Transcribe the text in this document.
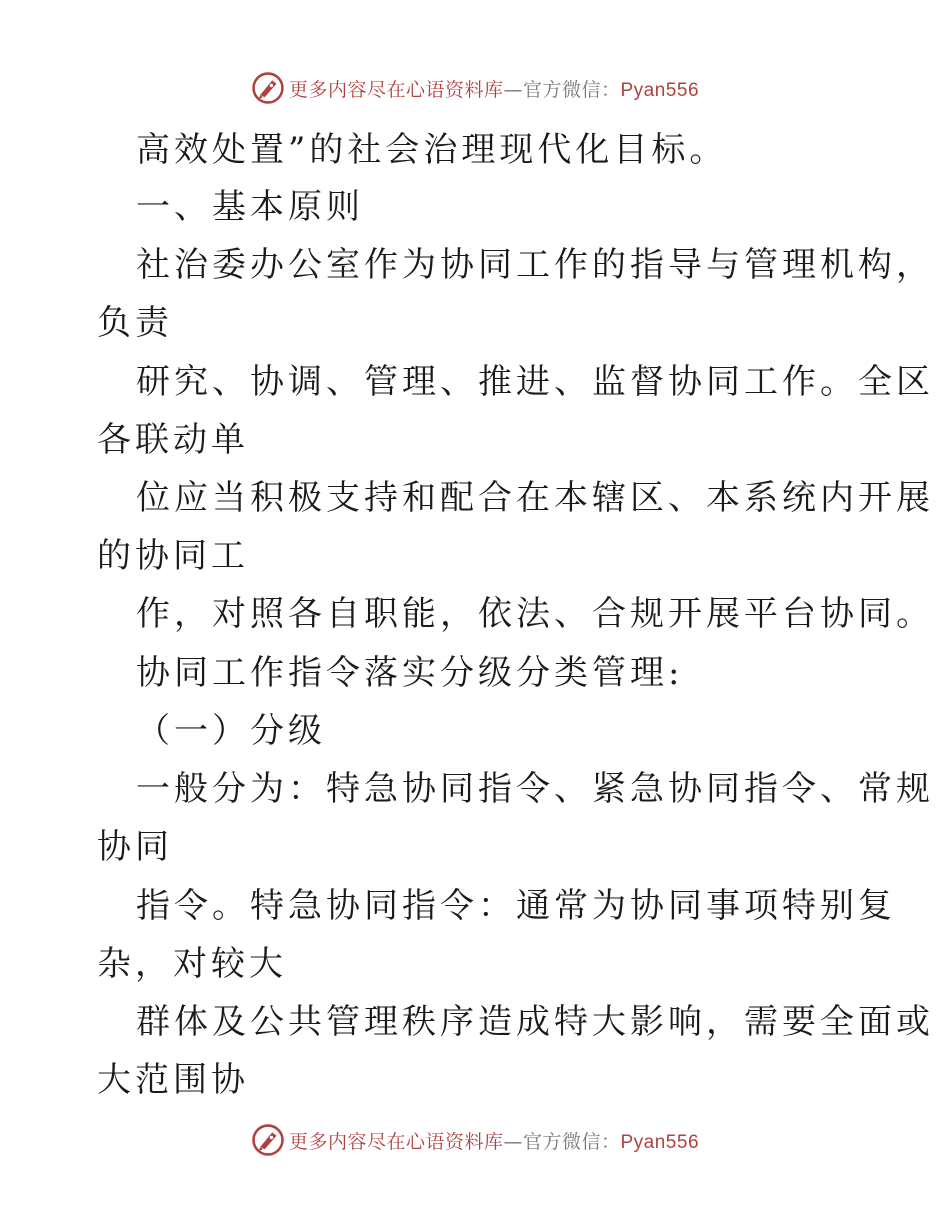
更多内容尽在心语资料库—官方微信：Pyan556
高效处置”的社会治理现代化目标。
一、基本原则
社治委办公室作为协同工作的指导与管理机构，
负责
研究、协调、管理、推进、监督协同工作。全区
各联动单
位应当积极支持和配合在本辖区、本系统内开展
的协同工
作，对照各自职能，依法、合规开展平台协同。
协同工作指令落实分级分类管理:
（一）分级
一般分为：特急协同指令、紧急协同指令、常规
协同
指令。特急协同指令：通常为协同事项特别复
杂，对较大
群体及公共管理秩序造成特大影响，需要全面或
大范围协
更多内容尽在心语资料库—官方微信：Pyan556
